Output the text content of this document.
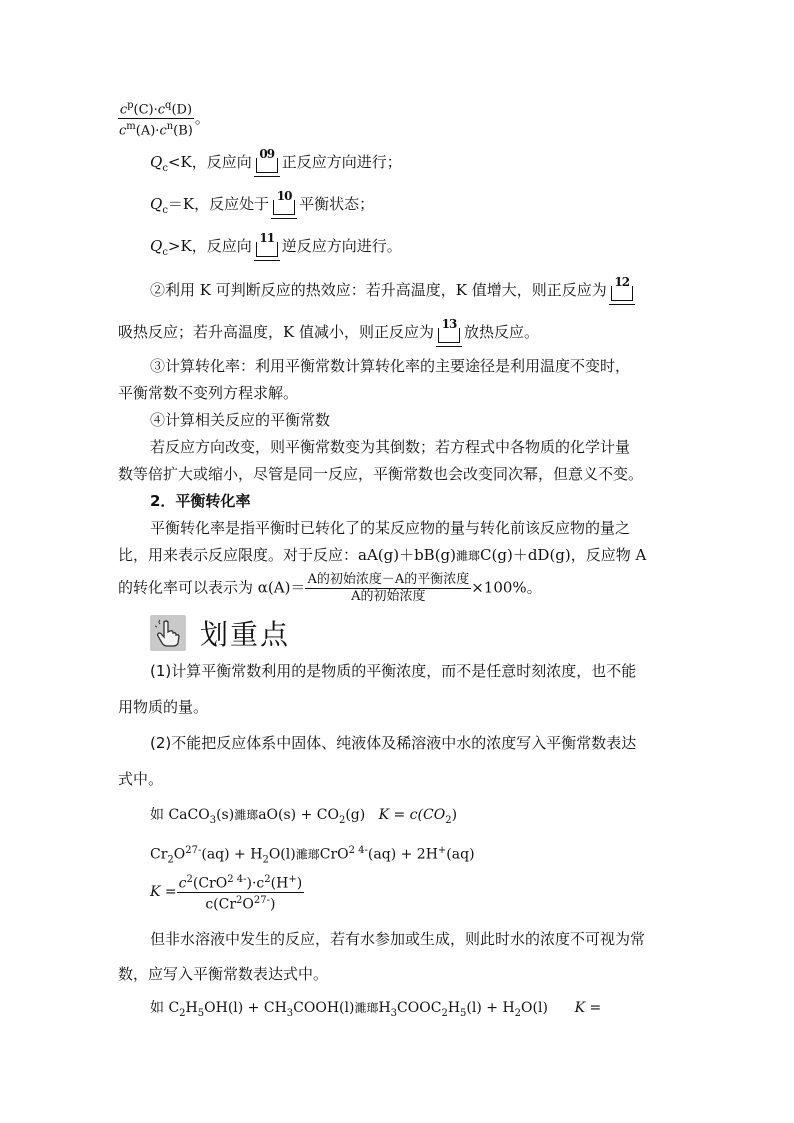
$\frac{c^p(C)\cdot c^q(D)}{c^m(A)\cdot c^n(B)}$ 。
$Q_c<K$，反应向 09 正反应方向进行；
$Q_c=K$，反应处于 10 平衡状态；
$Q_c>K$，反应向 11 逆反应方向进行。
②利用 K 可判断反应的热效应：若升高温度，K 值增大，则正反应为 12
吸热反应；若升高温度，K 值减小，则正反应为 13 放热反应。
③计算转化率：利用平衡常数计算转化率的主要途径是利用温度不变时，
平衡常数不变列方程求解。
④计算相关反应的平衡常数
若反应方向改变，则平衡常数变为其倒数；若方程式中各物质的化学计量
数等倍扩大或缩小，尽管是同一反应，平衡常数也会改变同次幂，但意义不变。
2．平衡转化率
平衡转化率是指平衡时已转化了的某反应物的量与转化前该反应物的量之
比，用来表示反应限度。对于反应：aA(g)＋bB(g)濉瑯C(g)＋dD(g)，反应物 A
的转化率可以表示为 $\alpha(A)= \frac{\text{A的初始浓度－A的平衡浓度}}{\text{A的初始浓度}} \times 100\%$。
划重点
(1)计算平衡常数利用的是物质的平衡浓度，而不是任意时刻浓度，也不能
用物质的量。
(2)不能把反应体系中固体、纯液体及稀溶液中水的浓度写入平衡常数表达
式中。
如 CaCO$_3$(s)濉瑯$aO(s) + CO_2(g) K = c(CO_2)$
$Cr_2O^{27-}(aq) + H_2O(l)$濉瑯CrO$^{2 4-}$(aq) + 2H+(aq)
$K = \frac{c^2(CrO^{2 4-})\cdot c^2(H^+)}{c(Cr^2O^{27-})}$
但非水溶液中发生的反应，若有水参加或生成，则此时水的浓度不可视为常
数，应写入平衡常数表达式中。
如 $C_2H_5OH(l)$ + $CH_3COOH(l)$濉瑯$H_3COOC_2H_5(l) + H_2O(l) K$ =
